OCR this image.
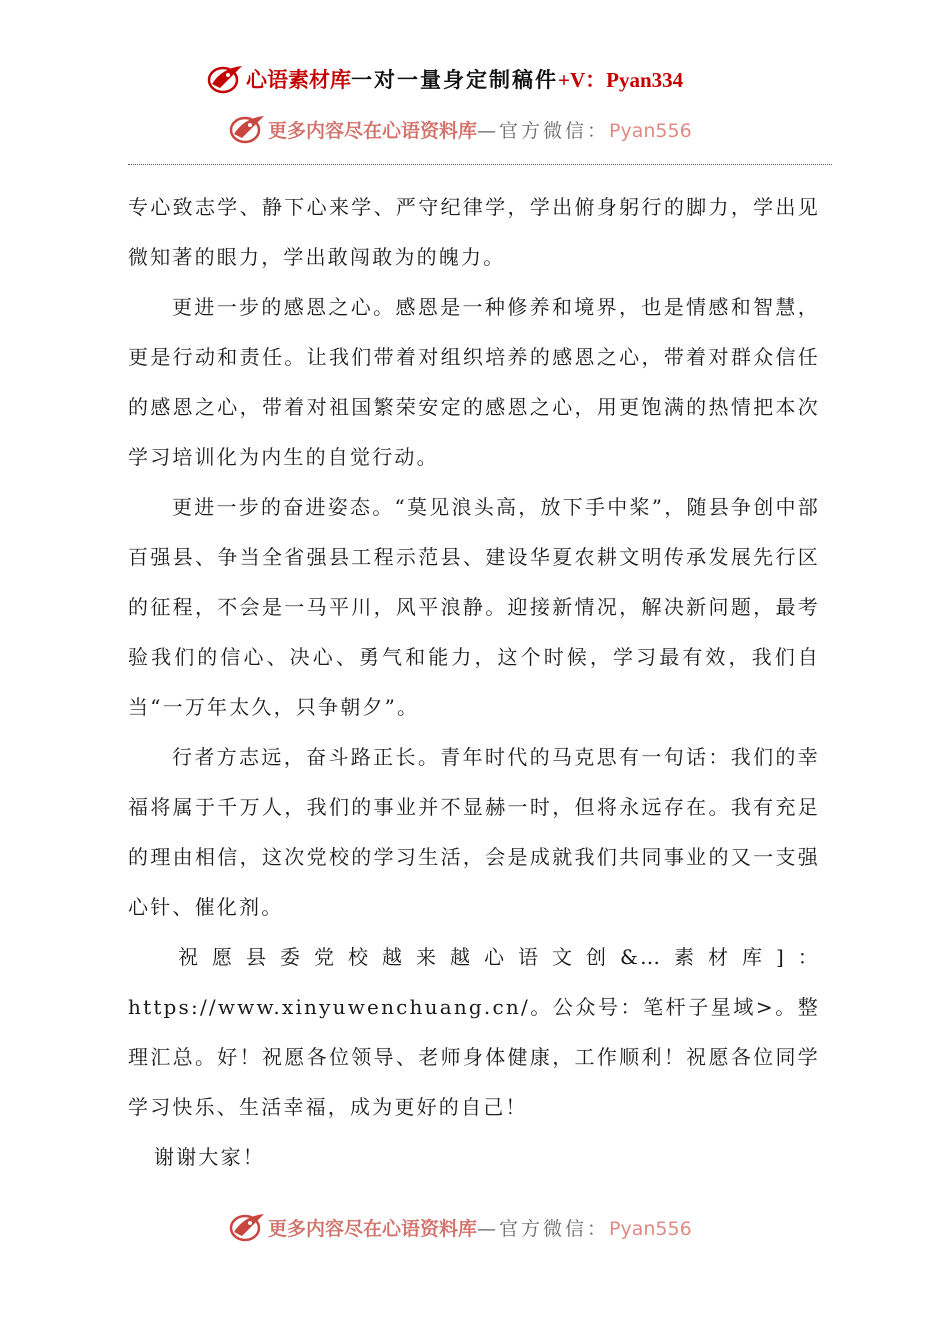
心语素材库一对一量身定制稿件+V：Pyan334
更多内容尽在心语资料库—官方微信：Pyan556

专心致志学、静下心来学、严守纪律学，学出俯身躬行的脚力，学出见微知著的眼力，学出敢闯敢为的魄力。

更进一步的感恩之心。感恩是一种修养和境界，也是情感和智慧，更是行动和责任。让我们带着对组织培养的感恩之心，带着对群众信任的感恩之心，带着对祖国繁荣安定的感恩之心，用更饱满的热情把本次学习培训化为内生的自觉行动。

更进一步的奋进姿态。“莫见浪头高，放下手中桨”，随县争创中部百强县、争当全省强县工程示范县、建设华夏农耕文明传承发展先行区的征程，不会是一马平川，风平浪静。迎接新情况，解决新问题，最考验我们的信心、决心、勇气和能力，这个时候，学习最有效，我们自当“一万年太久，只争朝夕”。

行者方志远，奋斗路正长。青年时代的马克思有一句话：我们的幸福将属于千万人，我们的事业并不显赫一时，但将永远存在。我有充足的理由相信，这次党校的学习生活，会是成就我们共同事业的又一支强心针、催化剂。

祝愿县委党校越来越心语文创&…素材库]：https://www.xinyuwenchuang.cn/。公众号：笔杆子星域>。整理汇总。好！祝愿各位领导、老师身体健康，工作顺利！祝愿各位同学学习快乐、生活幸福，成为更好的自己！

谢谢大家！

更多内容尽在心语资料库—官方微信：Pyan556
